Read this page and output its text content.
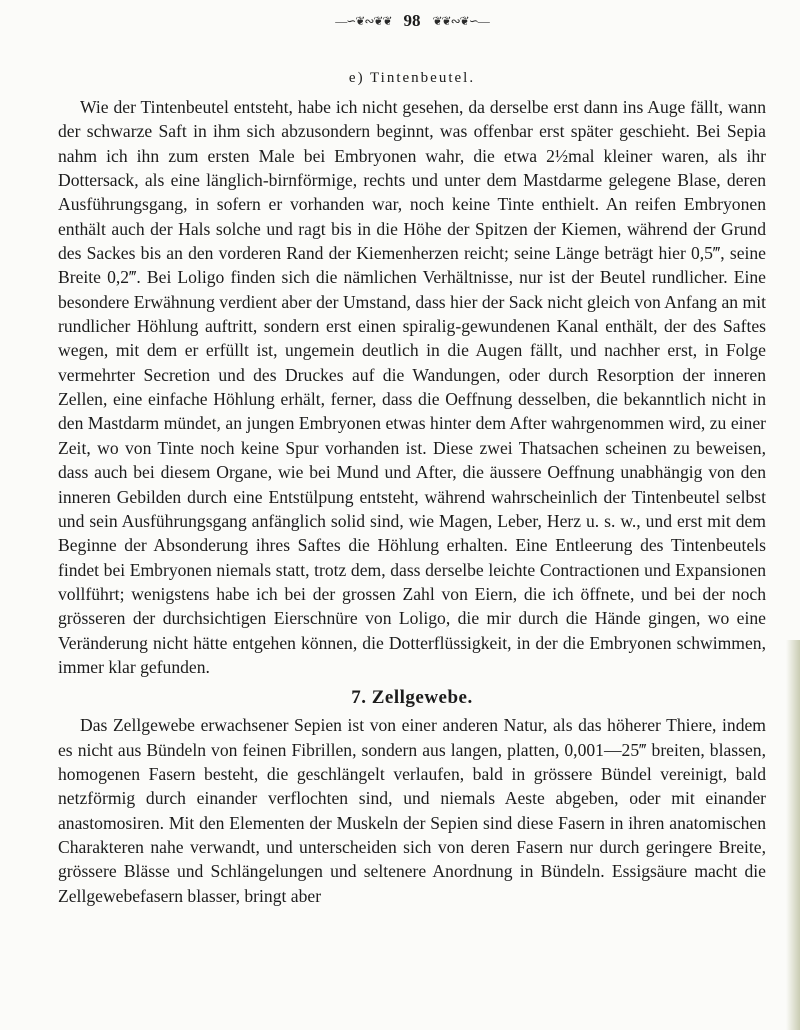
—∽❦∾❦❦ 98 ❦❦∾❦∽—
e) Tintenbeutel.

Wie der Tintenbeutel entsteht, habe ich nicht gesehen, da derselbe erst dann ins Auge fällt, wann der schwarze Saft in ihm sich abzusondern beginnt, was offenbar erst später geschieht. Bei Sepia nahm ich ihn zum ersten Male bei Embryonen wahr, die etwa 2½mal kleiner waren, als ihr Dottersack, als eine länglich-birnförmige, rechts und unter dem Mastdarme gelegene Blase, deren Ausführungsgang, in sofern er vorhanden war, noch keine Tinte enthielt. An reifen Embryonen enthält auch der Hals solche und ragt bis in die Höhe der Spitzen der Kiemen, während der Grund des Sackes bis an den vorderen Rand der Kiemenherzen reicht; seine Länge beträgt hier 0,5‴, seine Breite 0,2‴. Bei Loligo finden sich die nämlichen Verhältnisse, nur ist der Beutel rundlicher. Eine besondere Erwähnung verdient aber der Umstand, dass hier der Sack nicht gleich von Anfang an mit rundlicher Höhlung auftritt, sondern erst einen spiralig-gewundenen Kanal enthält, der des Saftes wegen, mit dem er erfüllt ist, ungemein deutlich in die Augen fällt, und nachher erst, in Folge vermehrter Secretion und des Druckes auf die Wandungen, oder durch Resorption der inneren Zellen, eine einfache Höhlung erhält, ferner, dass die Oeffnung desselben, die bekanntlich nicht in den Mastdarm mündet, an jungen Embryonen etwas hinter dem After wahrgenommen wird, zu einer Zeit, wo von Tinte noch keine Spur vorhanden ist. Diese zwei Thatsachen scheinen zu beweisen, dass auch bei diesem Organe, wie bei Mund und After, die äussere Oeffnung unabhängig von den inneren Gebilden durch eine Entstülpung entsteht, während wahrscheinlich der Tintenbeutel selbst und sein Ausführungsgang anfänglich solid sind, wie Magen, Leber, Herz u. s. w., und erst mit dem Beginne der Absonderung ihres Saftes die Höhlung erhalten. Eine Entleerung des Tintenbeutels findet bei Embryonen niemals statt, trotz dem, dass derselbe leichte Contractionen und Expansionen vollführt; wenigstens habe ich bei der grossen Zahl von Eiern, die ich öffnete, und bei der noch grösseren der durchsichtigen Eierschnüre von Loligo, die mir durch die Hände gingen, wo eine Veränderung nicht hätte entgehen können, die Dotterflüssigkeit, in der die Embryonen schwimmen, immer klar gefunden.

7. Zellgewebe.

Das Zellgewebe erwachsener Sepien ist von einer anderen Natur, als das höherer Thiere, indem es nicht aus Bündeln von feinen Fibrillen, sondern aus langen, platten, 0,001—25‴ breiten, blassen, homogenen Fasern besteht, die geschlängelt verlaufen, bald in grössere Bündel vereinigt, bald netzförmig durch einander verflochten sind, und niemals Aeste abgeben, oder mit einander anastomosiren. Mit den Elementen der Muskeln der Sepien sind diese Fasern in ihren anatomischen Charakteren nahe verwandt, und unterscheiden sich von deren Fasern nur durch geringere Breite, grössere Blässe und Schlängelungen und seltenere Anordnung in Bündeln. Essigsäure macht die Zellgewebefasern blasser, bringt aber
